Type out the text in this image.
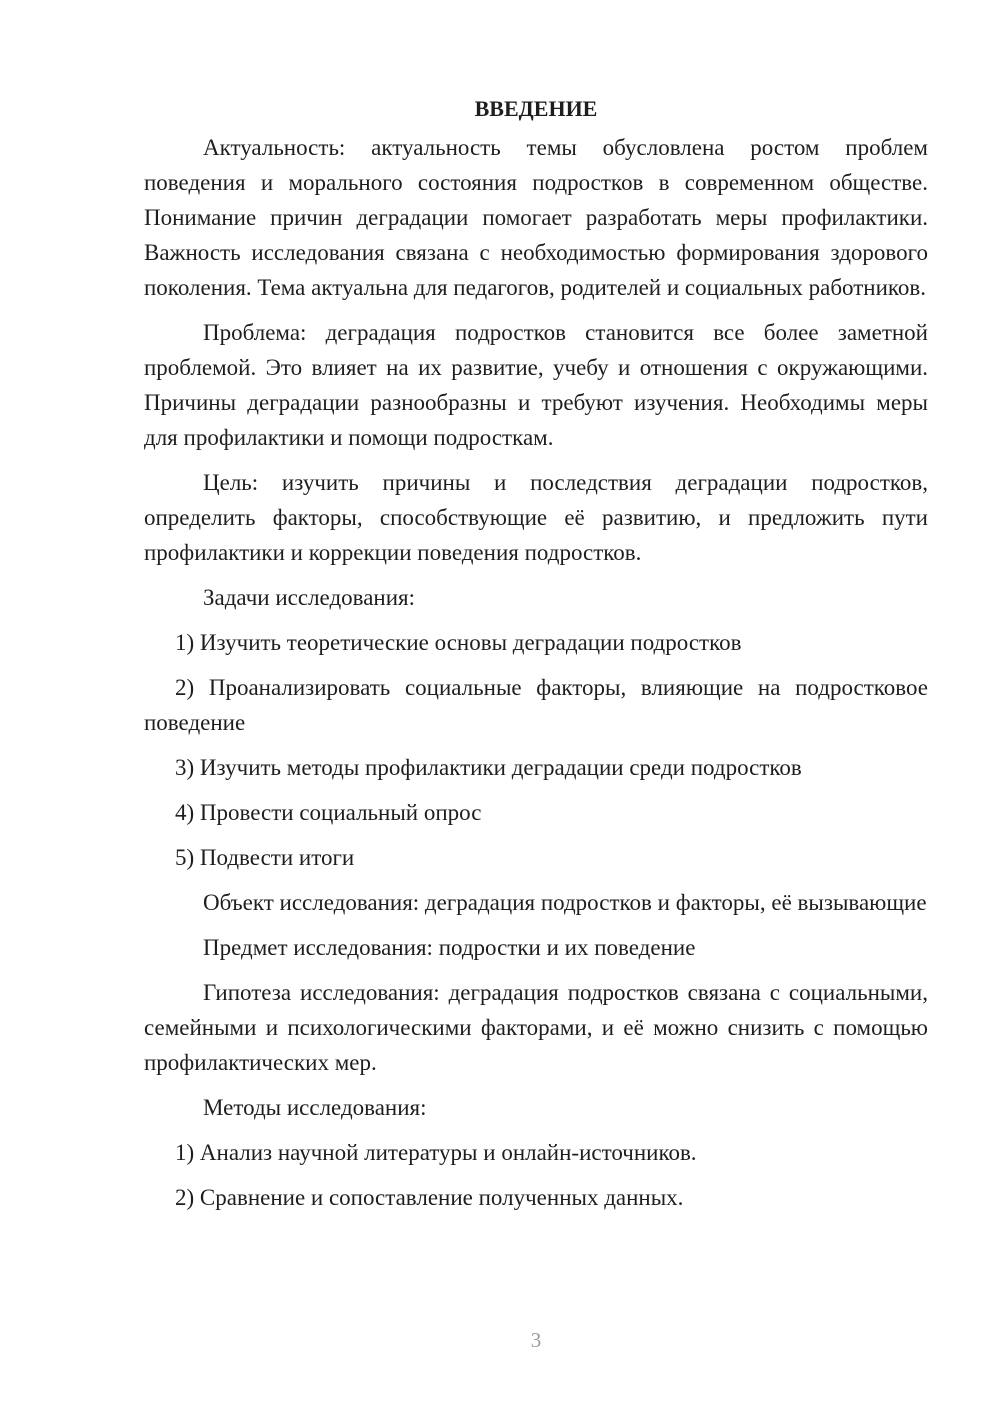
ВВЕДЕНИЕ

Актуальность: актуальность темы обусловлена ростом проблем поведения и морального состояния подростков в современном обществе. Понимание причин деградации помогает разработать меры профилактики. Важность исследования связана с необходимостью формирования здорового поколения. Тема актуальна для педагогов, родителей и социальных работников.

Проблема: деградация подростков становится все более заметной проблемой. Это влияет на их развитие, учебу и отношения с окружающими. Причины деградации разнообразны и требуют изучения. Необходимы меры для профилактики и помощи подросткам.

Цель: изучить причины и последствия деградации подростков, определить факторы, способствующие её развитию, и предложить пути профилактики и коррекции поведения подростков.

Задачи исследования:

1) Изучить теоретические основы деградации подростков

2) Проанализировать социальные факторы, влияющие на подростковое поведение

3) Изучить методы профилактики деградации среди подростков

4) Провести социальный опрос

5) Подвести итоги

Объект исследования: деградация подростков и факторы, её вызывающие

Предмет исследования: подростки и их поведение

Гипотеза исследования: деградация подростков связана с социальными, семейными и психологическими факторами, и её можно снизить с помощью профилактических мер.

Методы исследования:

1) Анализ научной литературы и онлайн-источников.

2) Сравнение и сопоставление полученных данных.

3
